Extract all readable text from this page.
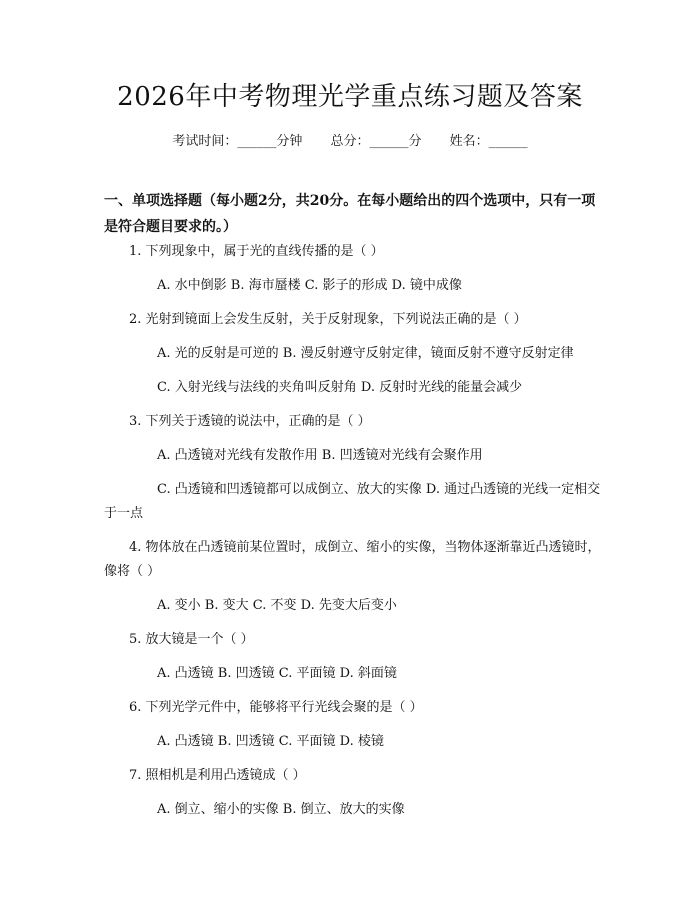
2026年中考物理光学重点练习题及答案
考试时间：______分钟 总分：______分 姓名：______
一、单项选择题（每小题2分，共20分。在每小题给出的四个选项中，只有一项是符合题目要求的。）
1. 下列现象中，属于光的直线传播的是（ ）
A. 水中倒影 B. 海市蜃楼 C. 影子的形成 D. 镜中成像
2. 光射到镜面上会发生反射，关于反射现象，下列说法正确的是（ ）
A. 光的反射是可逆的 B. 漫反射遵守反射定律，镜面反射不遵守反射定律
C. 入射光线与法线的夹角叫反射角 D. 反射时光线的能量会减少
3. 下列关于透镜的说法中，正确的是（ ）
A. 凸透镜对光线有发散作用 B. 凹透镜对光线有会聚作用
C. 凸透镜和凹透镜都可以成倒立、放大的实像 D. 通过凸透镜的光线一定相交于一点
4. 物体放在凸透镜前某位置时，成倒立、缩小的实像，当物体逐渐靠近凸透镜时，像将（ ）
A. 变小 B. 变大 C. 不变 D. 先变大后变小
5. 放大镜是一个（ ）
A. 凸透镜 B. 凹透镜 C. 平面镜 D. 斜面镜
6. 下列光学元件中，能够将平行光线会聚的是（ ）
A. 凸透镜 B. 凹透镜 C. 平面镜 D. 棱镜
7. 照相机是利用凸透镜成（ ）
A. 倒立、缩小的实像 B. 倒立、放大的实像
